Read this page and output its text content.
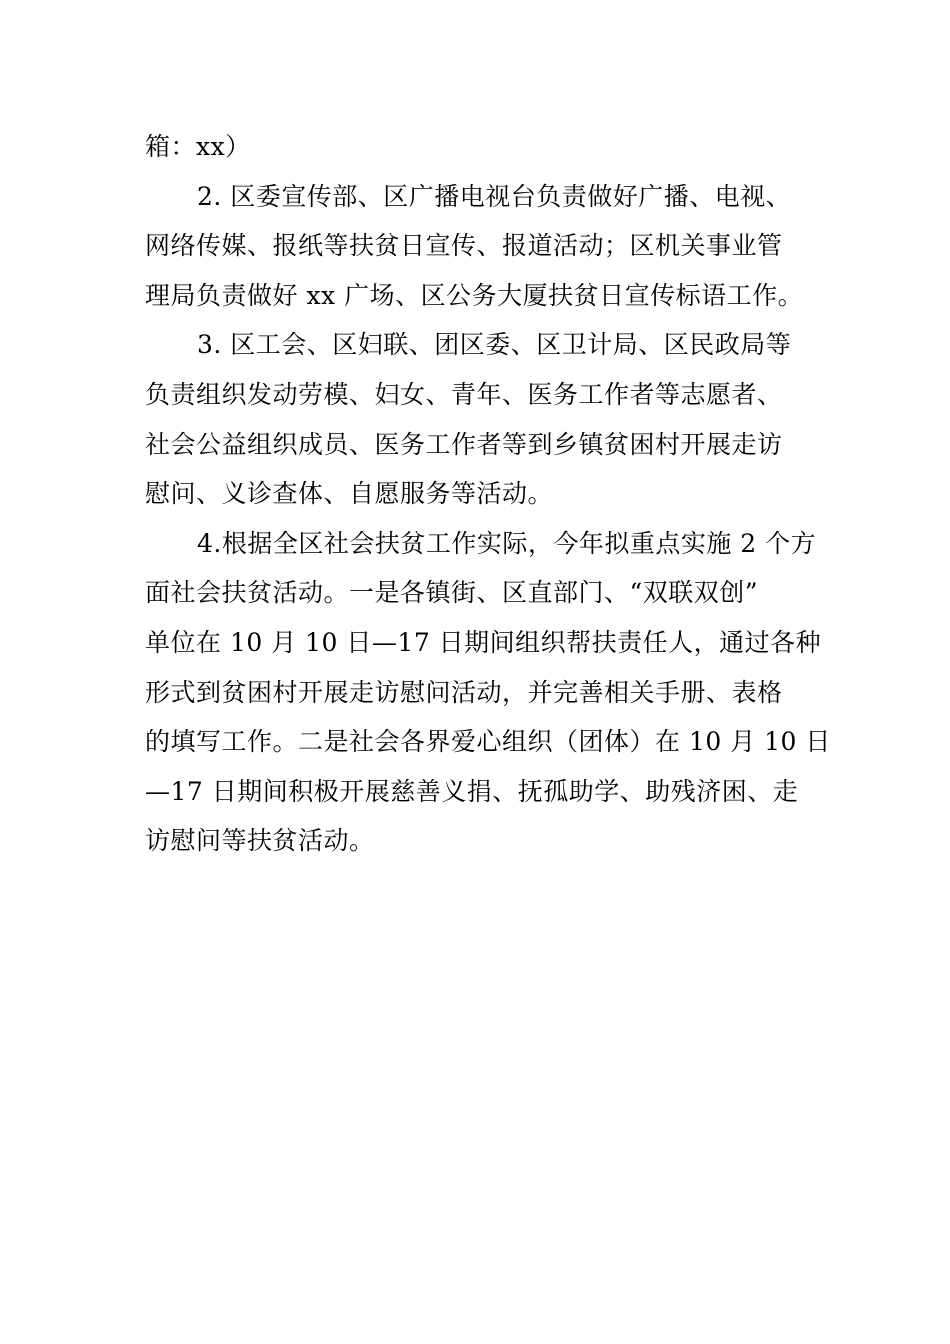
箱：xx）
2. 区委宣传部、区广播电视台负责做好广播、电视、
网络传媒、报纸等扶贫日宣传、报道活动；区机关事业管
理局负责做好 xx 广场、区公务大厦扶贫日宣传标语工作。
3. 区工会、区妇联、团区委、区卫计局、区民政局等
负责组织发动劳模、妇女、青年、医务工作者等志愿者、
社会公益组织成员、医务工作者等到乡镇贫困村开展走访
慰问、义诊查体、自愿服务等活动。
4.根据全区社会扶贫工作实际，今年拟重点实施 2 个方
面社会扶贫活动。一是各镇街、区直部门、“双联双创”
单位在 10 月 10 日—17 日期间组织帮扶责任人，通过各种
形式到贫困村开展走访慰问活动，并完善相关手册、表格
的填写工作。二是社会各界爱心组织（团体）在 10 月 10 日
—17 日期间积极开展慈善义捐、抚孤助学、助残济困、走
访慰问等扶贫活动。
